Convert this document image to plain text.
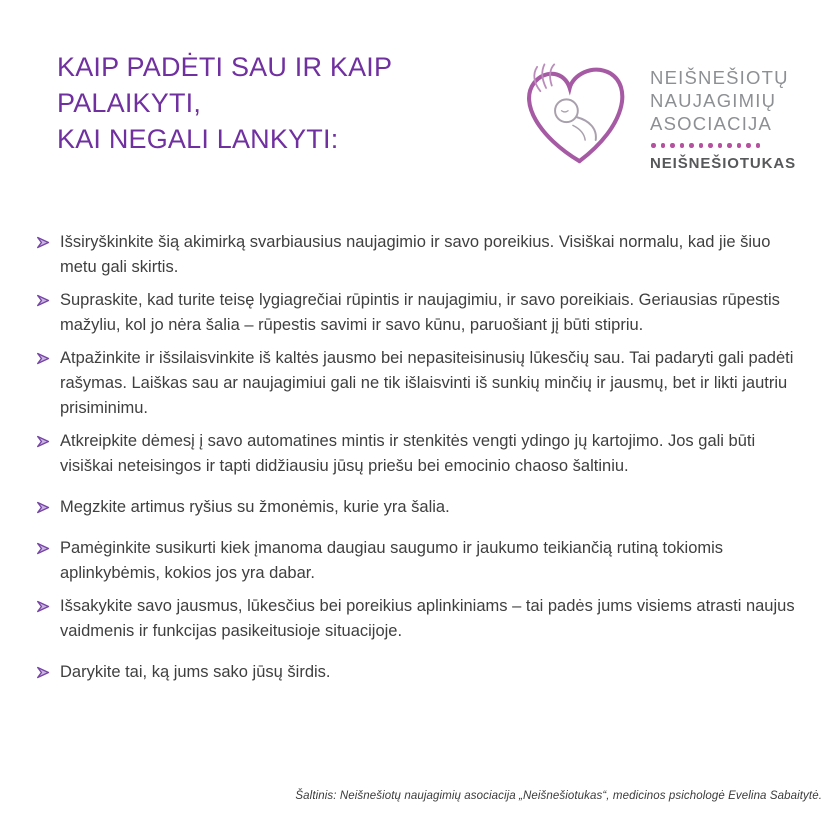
KAIP PADĖTI SAU IR KAIP PALAIKYTI,
KAI NEGALI LANKYTI:
NEIŠNEŠIOTŲ
NAUJAGIMIŲ
ASOCIACIJA
NEIŠNEŠIOTUKAS
Išsiryškinkite šią akimirką svarbiausius naujagimio ir savo poreikius. Visiškai normalu, kad jie šiuo metu gali skirtis.
Supraskite, kad turite teisę lygiagrečiai rūpintis ir naujagimiu, ir savo poreikiais. Geriausias rūpestis mažyliu, kol jo nėra šalia – rūpestis savimi ir savo kūnu, paruošiant jį būti stipriu.
Atpažinkite ir išsilaisvinkite iš kaltės jausmo bei nepasiteisinusių lūkesčių sau. Tai padaryti gali padėti rašymas. Laiškas sau ar naujagimiui gali ne tik išlaisvinti iš sunkių minčių ir jausmų, bet ir likti jautriu prisiminimu.
Atkreipkite dėmesį į savo automatines mintis ir stenkitės vengti ydingo jų kartojimo. Jos gali būti visiškai neteisingos ir tapti didžiausiu jūsų priešu bei emocinio chaoso šaltiniu.
Megzkite artimus ryšius su žmonėmis, kurie yra šalia.
Pamėginkite susikurti kiek įmanoma daugiau saugumo ir jaukumo teikiančią rutiną tokiomis aplinkybėmis, kokios jos yra dabar.
Išsakykite savo jausmus, lūkesčius bei poreikius aplinkiniams – tai padės jums visiems atrasti naujus vaidmenis ir funkcijas pasikeitusioje situacijoje.
Darykite tai, ką jums sako jūsų širdis.
Šaltinis: Neišnešiotų naujagimių asociacija „Neišnešiotukas“, medicinos psichologė Evelina Sabaitytė.
